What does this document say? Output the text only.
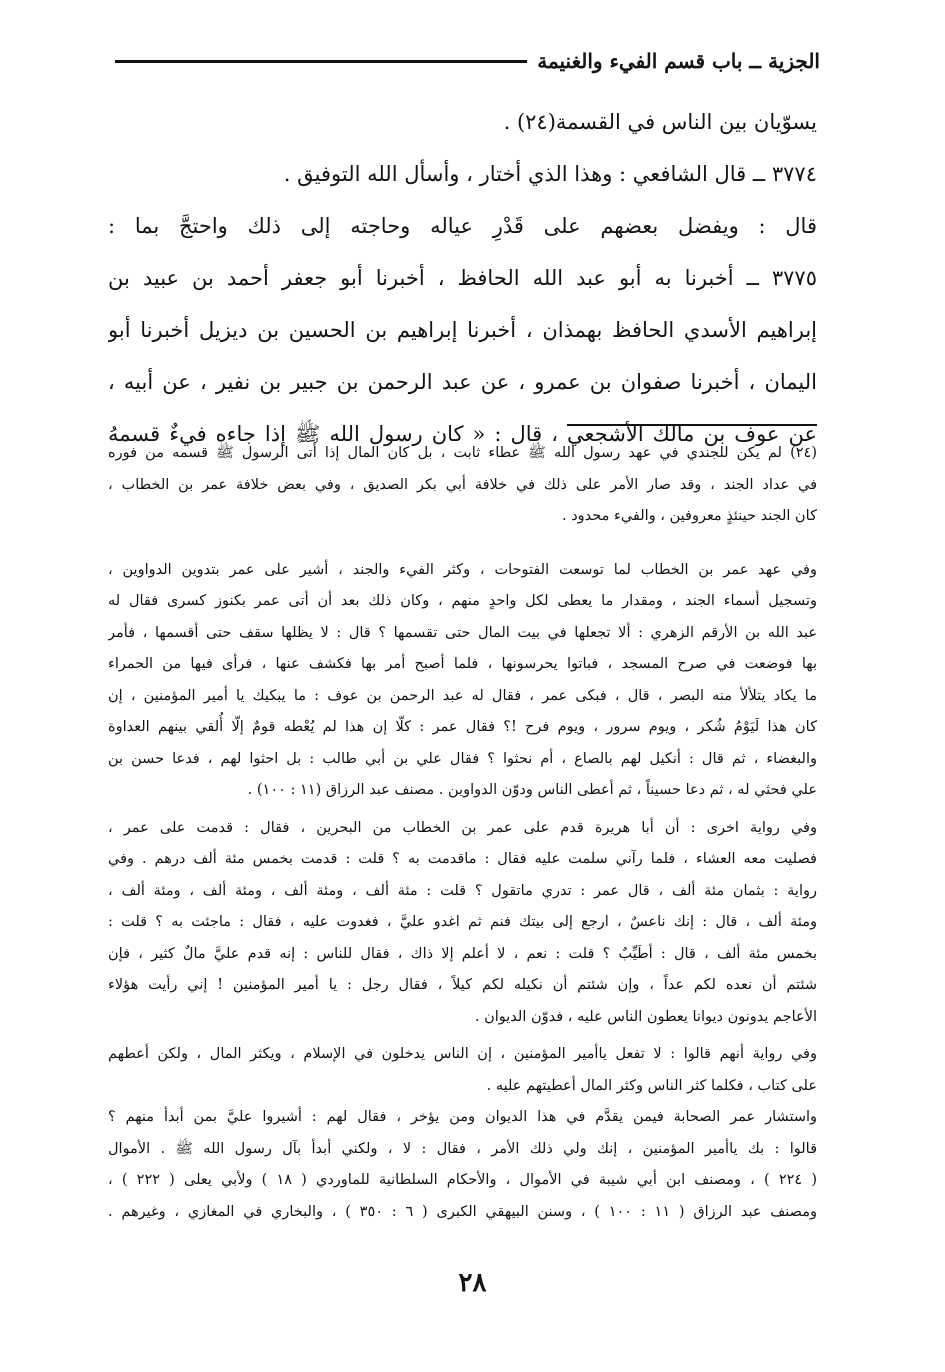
الجزية ــ باب قسم الفيء والغنيمة
يسوّيان بين الناس في القسمة(٢٤) .
٣٧٧٤ ــ قال الشافعي : وهذا الذي أختار ، وأسأل الله التوفيق .
قال : ويفضل بعضهم على قَدْرِ عياله وحاجته إلى ذلك واحتجَّ بما :
٣٧٧٥ ــ أخبرنا به أبو عبد الله الحافظ ، أخبرنا أبو جعفر أحمد بن عبيد بن
إبراهيم الأسدي الحافظ بهمذان ، أخبرنا إبراهيم بن الحسين بن ديزيل أخبرنا أبو
اليمان ، أخبرنا صفوان بن عمرو ، عن عبد الرحمن بن جبير بن نفير ، عن أبيه ،
عن عوف بن مالك الأشجعي ، قال : « كان رسول الله ﷺ إذا جاءه فيءٌ قسمهُ
(٢٤) لم يكن للجندي في عهد رسول الله ﷺ عطاء ثابت ، بل كان المال إذا أتى الرسول ﷺ قسمه من فوره
في عداد الجند ، وقد صار الأمر على ذلك في خلافة أبي بكر الصديق ، وفي بعض خلافة عمر بن الخطاب ،
كان الجند حينئذٍ معروفين ، والفيء محدود .
وفي عهد عمر بن الخطاب لما توسعت الفتوحات ، وكثر الفيء والجند ، أشير على عمر بتدوين الدواوين ،
وتسجيل أسماء الجند ، ومقدار ما يعطى لكل واحدٍ منهم ، وكان ذلك بعد أن أتى عمر بكنوز كسرى فقال له
عبد الله بن الأرقم الزهري : ألا تجعلها في بيت المال حتى تقسمها ؟ قال : لا يظلها سقف حتى أقسمها ، فأمر
بها فوضعت في صرح المسجد ، فباتوا يحرسونها ، فلما أصبح أمر بها فكشف عنها ، فرأى فيها من الحمراء
ما يكاد يتلألأ منه البصر ، قال ، فبكى عمر ، فقال له عبد الرحمن بن عوف : ما يبكيك يا أمير المؤمنين ، إن
كان هذا لَيَوْمُ شُكر ، ويوم سرور ، ويوم فرح !؟ فقال عمر : كلّا إن هذا لم يُعْطه قومٌ إلّا أُلقي بينهم العداوة
والبغضاء ، ثم قال : أنكيل لهم بالصاع ، أم نحثوا ؟ فقال علي بن أبي طالب : بل احثوا لهم ، فدعا حسن بن
علي فحثي له ، ثم دعا حسيناً ، ثم أعطى الناس ودوّن الدواوين . مصنف عبد الرزاق (١١ : ١٠٠) .
وفي رواية اخرى : أن أبا هريرة قدم على عمر بن الخطاب من البحرين ، فقال : قدمت على عمر ،
فصليت معه العشاء ، فلما رآني سلمت عليه فقال : ماقدمت به ؟ قلت : قدمت بخمس مئة ألف درهم . وفي
رواية : بثمان مئة ألف ، قال عمر : تدري ماتقول ؟ قلت : مئة ألف ، ومئة ألف ، ومئة ألف ، ومئة ألف ،
ومئة ألف ، قال : إنك ناعسٌ ، ارجع إلى بيتك فنم ثم اغدو عليَّ ، فغدوت عليه ، فقال : ماجئت به ؟ قلت :
بخمس مئة ألف ، قال : أطَيِّبٌ ؟ قلت : نعم ، لا أعلم إلا ذاك ، فقال للناس : إنه قدم عليَّ مالٌ كثير ، فإن
شئتم أن نعده لكم عداً ، وإن شئتم أن نكيله لكم كيلاً ، فقال رجل : يا أمير المؤمنين ! إني رأيت هؤلاء
الأعاجم يدونون ديوانا يعطون الناس عليه ، فدوّن الديوان .
وفي رواية أنهم قالوا : لا تفعل ياأمير المؤمنين ، إن الناس يدخلون في الإسلام ، ويكثر المال ، ولكن أعطهم
على كتاب ، فكلما كثر الناس وكثر المال أعطيتهم عليه .
واستشار عمر الصحابة فيمن يقدَّم في هذا الديوان ومن يؤخر ، فقال لهم : أشيروا عليَّ بمن أبدأ منهم ؟
قالوا : بك ياأمير المؤمنين ، إنك ولي ذلك الأمر ، فقال : لا ، ولكني أبدأ بآل رسول الله ﷺ . الأموال
( ٢٢٤ ) ، ومصنف ابن أبي شيبة في الأموال ، والأحكام السلطانية للماوردي ( ١٨ ) ولأبي يعلى ( ٢٢٢ ) ،
ومصنف عبد الرزاق ( ١١ : ١٠٠ ) ، وسنن البيهقي الكبرى ( ٦ : ٣٥٠ ) ، والبخاري في المغازي ، وغيرهم .
٢٨
